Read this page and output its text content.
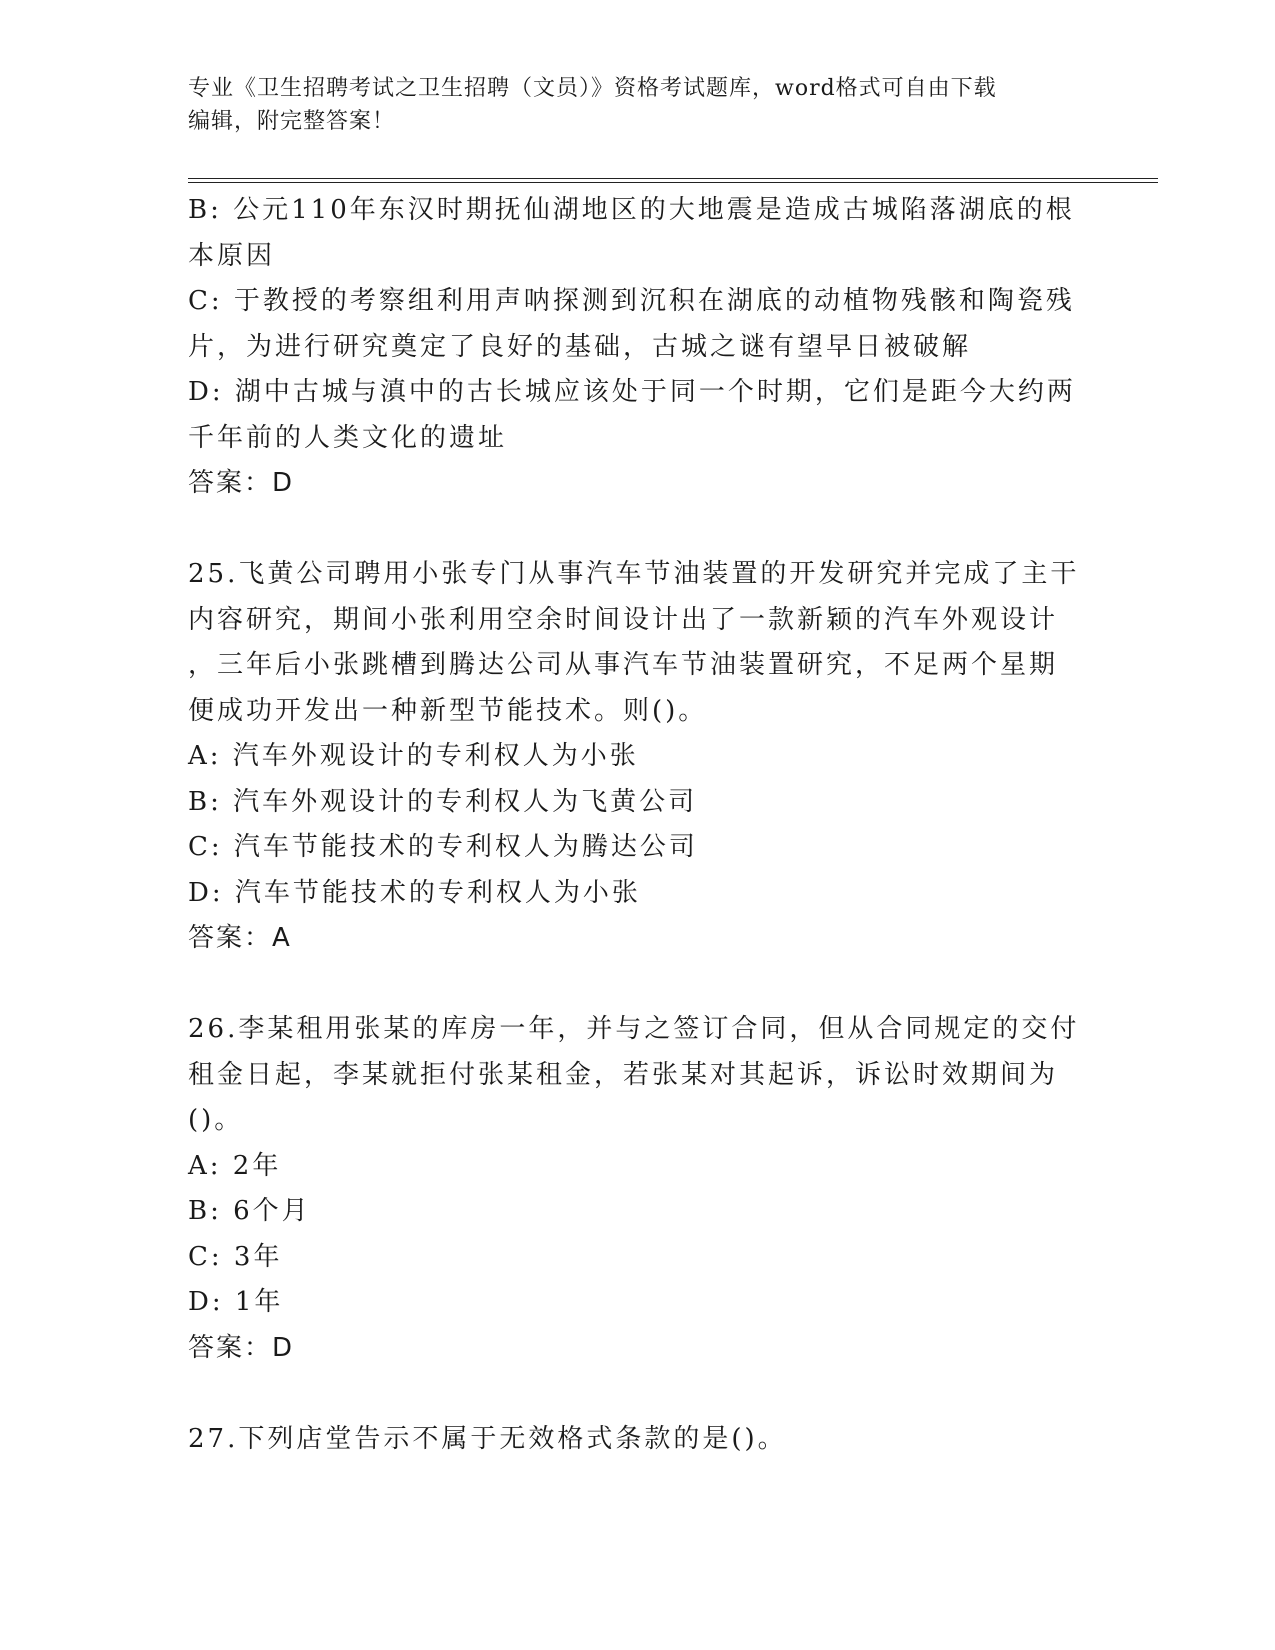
专业《卫生招聘考试之卫生招聘（文员）》资格考试题库，word格式可自由下载
编辑，附完整答案！
B: 公元110年东汉时期抚仙湖地区的大地震是造成古城陷落湖底的根
本原因
C: 于教授的考察组利用声呐探测到沉积在湖底的动植物残骸和陶瓷残
片，为进行研究奠定了良好的基础，古城之谜有望早日被破解
D: 湖中古城与滇中的古长城应该处于同一个时期，它们是距今大约两
千年前的人类文化的遗址
答案：D
25.飞黄公司聘用小张专门从事汽车节油装置的开发研究并完成了主干
内容研究，期间小张利用空余时间设计出了一款新颖的汽车外观设计
，三年后小张跳槽到腾达公司从事汽车节油装置研究，不足两个星期
便成功开发出一种新型节能技术。则()。
A: 汽车外观设计的专利权人为小张
B: 汽车外观设计的专利权人为飞黄公司
C: 汽车节能技术的专利权人为腾达公司
D: 汽车节能技术的专利权人为小张
答案：A
26.李某租用张某的库房一年，并与之签订合同，但从合同规定的交付
租金日起，李某就拒付张某租金，若张某对其起诉，诉讼时效期间为
()。
A: 2年
B: 6个月
C: 3年
D: 1年
答案：D
27.下列店堂告示不属于无效格式条款的是()。
